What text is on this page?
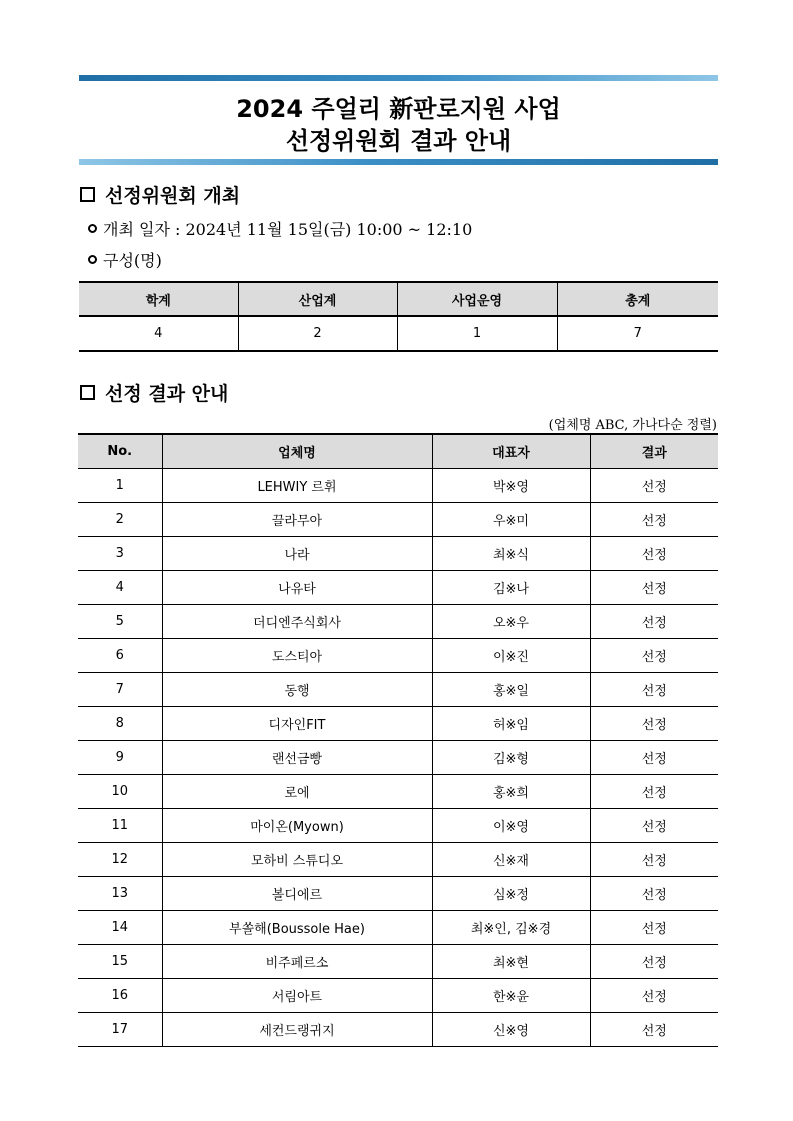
2024 주얼리 新판로지원 사업
선정위원회 결과 안내
선정위원회 개최
개최 일자 : 2024년 11월 15일(금) 10:00 ~ 12:10
구성(명)
학계	산업계	사업운영	총계
4	2	1	7
선정 결과 안내
(업체명 ABC, 가나다순 정렬)
No.	업체명	대표자	결과
1	LEHWIY 르휘	박※영	선정
2	끌라무아	우※미	선정
3	나라	최※식	선정
4	나유타	김※나	선정
5	더디엔주식회사	오※우	선정
6	도스티아	이※진	선정
7	동행	홍※일	선정
8	디자인FIT	허※임	선정
9	랜선금빵	김※형	선정
10	로에	홍※희	선정
11	마이온(Myown)	이※영	선정
12	모하비 스튜디오	신※재	선정
13	볼디에르	심※정	선정
14	부쏠해(Boussole Hae)	최※인, 김※경	선정
15	비주페르소	최※현	선정
16	서림아트	한※윤	선정
17	세컨드랭귀지	신※영	선정
